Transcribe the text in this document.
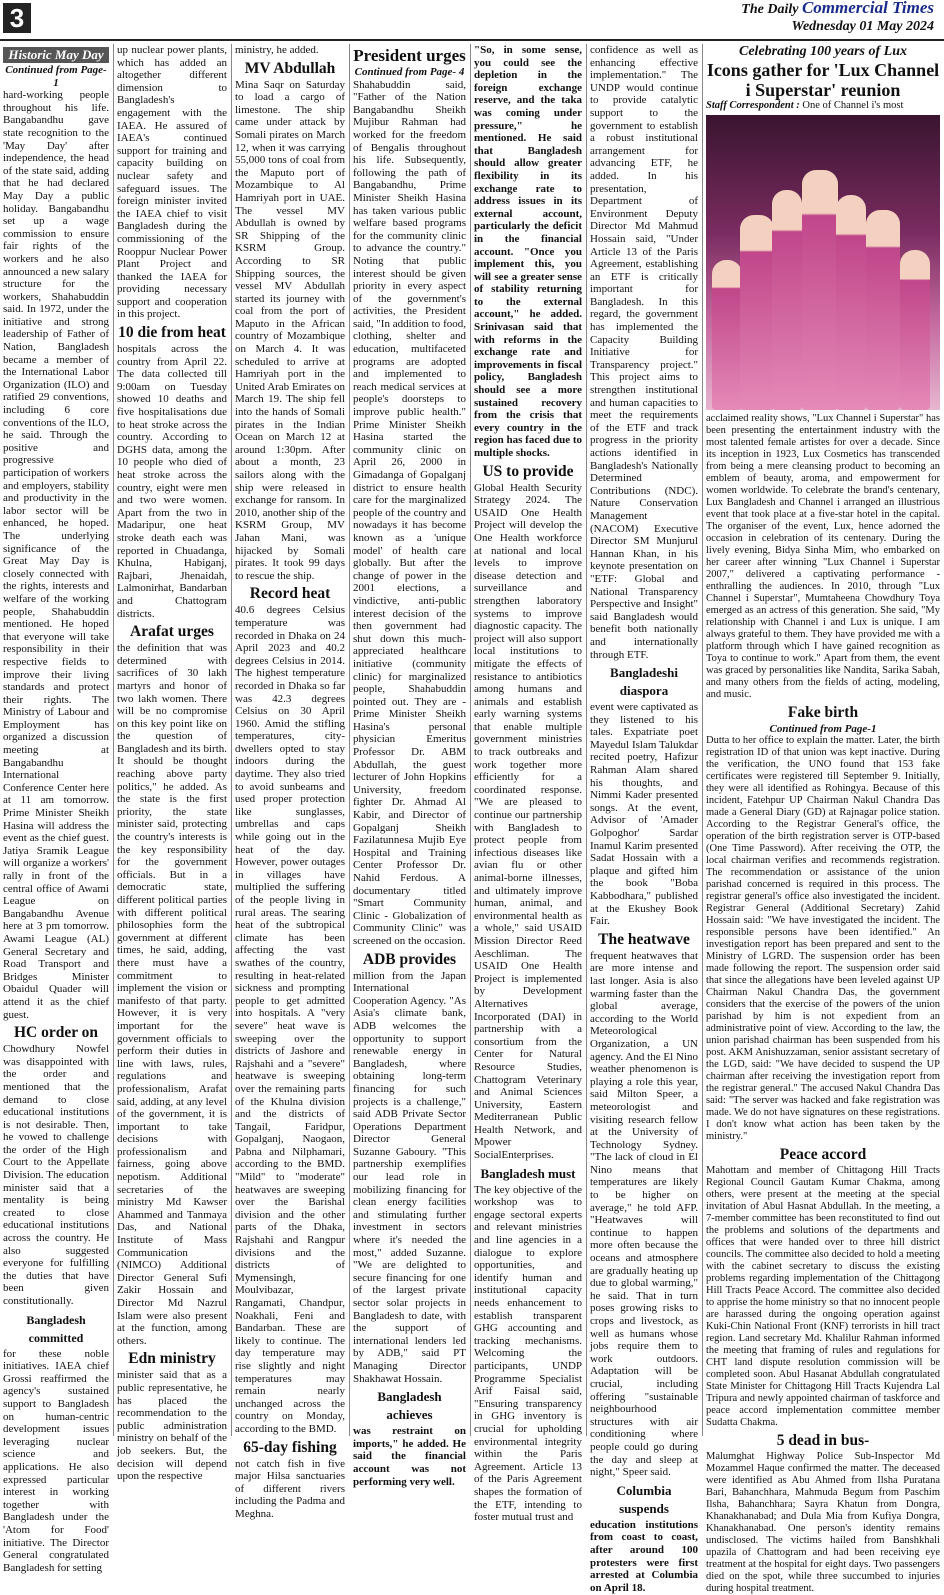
3	The Daily Commercial Times
Wednesday 01 May 2024
Historic May Day
Continued from Page-1

hard-working people throughout his life. Bangabandhu gave state recognition to the 'May Day' after independence, the head of the state said, adding that he had declared May Day a public holiday. Bangabandhu set up a wage commission to ensure fair rights of the workers and he also announced a new salary structure for the workers, Shahabuddin said. In 1972, under the initiative and strong leadership of Father of Nation, Bangladesh became a member of the International Labor Organization (ILO) and ratified 29 conventions, including 6 core conventions of the ILO, he said. Through the positive and progressive participation of workers and employers, stability and productivity in the labor sector will be enhanced, he hoped. The underlying significance of the Great May Day is closely connected with the rights, interests and welfare of the working people, Shahabuddin mentioned. He hoped that everyone will take responsibility in their respective fields to improve their living standards and protect their rights. The Ministry of Labour and Employment has organized a discussion meeting at Bangabandhu International Conference Center here at 11 am tomorrow. Prime Minister Sheikh Hasina will address the event as the chief guest. Jatiya Sramik League will organize a workers' rally in front of the central office of Awami League on Bangabandhu Avenue here at 3 pm tomorrow. Awami League (AL) General Secretary and Road Transport and Bridges Minister Obaidul Quader will attend it as the chief guest.

HC order on

Chowdhury Nowfel was disappointed with the order and mentioned that the demand to close educational institutions is not desirable. Then, he vowed to challenge the order of the High Court to the Appellate Division. The education minister said that a mentality is being created to close educational institutions across the country. He also suggested everyone for fulfilling the duties that have been given constitutionally.

Bangladesh committed

for these noble initiatives. IAEA chief Grossi reaffirmed the agency's sustained support to Bangladesh on human-centric development issues leveraging nuclear science and applications. He also expressed particular interest in working together with Bangladesh under the 'Atom for Food' initiative. The Director General congratulated Bangladesh for setting

up nuclear power plants, which has added an altogether different dimension to Bangladesh's engagement with the IAEA. He assured of IAEA's continued support for training and capacity building on nuclear safety and safeguard issues. The foreign minister invited the IAEA chief to visit Bangladesh during the commissioning of the Rooppur Nuclear Power Plant Project and thanked the IAEA for providing necessary support and cooperation in this project.

10 die from heat

hospitals across the country from April 22. The data collected till 9:00am on Tuesday showed 10 deaths and five hospitalisations due to heat stroke across the country. According to DGHS data, among the 10 people who died of heat stroke across the country, eight were men and two were women. Apart from the two in Madaripur, one heat stroke death each was reported in Chuadanga, Khulna, Habiganj, Rajbari, Jhenaidah, Lalmonirhat, Bandarban and Chattogram districts.

Arafat urges

the definition that was determined with sacrifices of 30 lakh martyrs and honor of two lakh women. There will be no compromise on this key point like on the question of Bangladesh and its birth. It should be thought reaching above party politics," he added. As the state is the first priority, the state minister said, protecting the country's interests is the key responsibility for the government officials. But in a democratic state, different political parties with different political philosophies form the government at different times, he said, adding, there must have a commitment to implement the vision or manifesto of that party. However, it is very important for the government officials to perform their duties in line with laws, rules, regulations and professionalism, Arafat said, adding, at any level of the government, it is important to take decisions with professionalism and fairness, going above nepotism. Additional secretaries of the ministry Md Kawser Ahammed and Tanmaya Das, and National Institute of Mass Communication (NIMCO) Additional Director General Sufi Zakir Hossain and Director Md Nazrul Islam were also present at the function, among others.

Edn ministry

minister said that as a public representative, he has placed the recommendation to the public administration ministry on behalf of the job seekers. But, the decision will depend upon the respective

ministry, he added.

MV Abdullah

Mina Saqr on Saturday to load a cargo of limestone. The ship came under attack by Somali pirates on March 12, when it was carrying 55,000 tons of coal from the Maputo port of Mozambique to Al Hamriyah port in UAE. The vessel MV Abdullah is owned by SR Shipping of the KSRM Group. According to SR Shipping sources, the vessel MV Abdullah started its journey with coal from the port of Maputo in the African country of Mozambique on March 4. It was scheduled to arrive at Hamriyah port in the United Arab Emirates on March 19. The ship fell into the hands of Somali pirates in the Indian Ocean on March 12 at around 1:30pm. After about a month, 23 sailors along with the ship were released in exchange for ransom. In 2010, another ship of the KSRM Group, MV Jahan Mani, was hijacked by Somali pirates. It took 99 days to rescue the ship.

Record heat

40.6 degrees Celsius temperature was recorded in Dhaka on 24 April 2023 and 40.2 degrees Celsius in 2014. The highest temperature recorded in Dhaka so far was 42.3 degrees Celsius on 30 April 1960. Amid the stifling temperatures, city-dwellers opted to stay indoors during the daytime. They also tried to avoid sunbeams and used proper protection like sunglasses, umbrellas and caps while going out in the heat of the day. However, power outages in villages have multiplied the suffering of the people living in rural areas. The searing heat of the subtropical climate has been affecting the vast swathes of the country, resulting in heat-related sickness and prompting people to get admitted into hospitals. A "very severe" heat wave is sweeping over the districts of Jashore and Rajshahi and a "severe" heatwave is sweeping over the remaining parts of the Khulna division and the districts of Tangail, Faridpur, Gopalganj, Naogaon, Pabna and Nilphamari, according to the BMD. "Mild" to "moderate" heatwaves are sweeping over the Barishal division and the other parts of the Dhaka, Rajshahi and Rangpur divisions and the districts of Mymensingh, Moulvibazar, Rangamati, Chandpur, Noakhali, Feni and Bandarban. These are likely to continue. The day temperature may rise slightly and night temperatures may remain nearly unchanged across the country on Monday, according to the BMD.

65-day fishing

not catch fish in five major Hilsa sanctuaries of different rivers including the Padma and Meghna.

President urges
Continued from Page- 4

Shahabuddin said, "Father of the Nation Bangabandhu Sheikh Mujibur Rahman had worked for the freedom of Bengalis throughout his life. Subsequently, following the path of Bangabandhu, Prime Minister Sheikh Hasina has taken various public welfare based programs for the community clinic to advance the country." Noting that public interest should be given priority in every aspect of the government's activities, the President said, "In addition to food, clothing, shelter and education, multifaceted programs are adopted and implemented to reach medical services at people's doorsteps to improve public health." Prime Minister Sheikh Hasina started the community clinic on April 26, 2000 in Gimadanga of Gopalganj district to ensure health care for the marginalized people of the country and nowadays it has become known as a 'unique model' of health care globally. But after the change of power in the 2001 elections, a vindictive, anti-public interest decision of the then government had shut down this much-appreciated healthcare initiative (community clinic) for marginalized people, Shahabuddin pointed out. They are - Prime Minister Sheikh Hasina's personal physician Emeritus Professor Dr. ABM Abdullah, the guest lecturer of John Hopkins University, freedom fighter Dr. Ahmad Al Kabir, and Director of Gopalganj Sheikh Fazilatunnesa Mujib Eye Hospital and Training Center Professor Dr. Nahid Ferdous. A documentary titled "Smart Community Clinic - Globalization of Community Clinic" was screened on the occasion.

ADB provides

million from the Japan International Cooperation Agency. "As Asia's climate bank, ADB welcomes the opportunity to support renewable energy in Bangladesh, where obtaining long-term financing for such projects is a challenge," said ADB Private Sector Operations Department Director General Suzanne Gaboury. "This partnership exemplifies our lead role in mobilizing financing for clean energy facilities and stimulating further investment in sectors where it's needed the most," added Suzanne. "We are delighted to secure financing for one of the largest private sector solar projects in Bangladesh to date, with the support of international lenders led by ADB," said PT Managing Director Shakhawat Hossain.

Bangladesh achieves

was restraint on imports," he added. He said the financial account was not performing very well.

"So, in some sense, you could see the depletion in the foreign exchange reserve, and the taka was coming under pressure," he mentioned. He said that Bangladesh should allow greater flexibility in its exchange rate to address issues in its external account, particularly the deficit in the financial account. "Once you implement this, you will see a greater sense of stability returning to the external account," he added. Srinivasan said that with reforms in the exchange rate and improvements in fiscal policy, Bangladesh should see a more sustained recovery from the crisis that every country in the region has faced due to multiple shocks.

US to provide

Global Health Security Strategy 2024. The USAID One Health Project will develop the One Health workforce at national and local levels to improve disease detection and surveillance and strengthen laboratory systems to improve diagnostic capacity. The project will also support local institutions to mitigate the effects of resistance to antibiotics among humans and animals and establish early warning systems that enable multiple government ministries to track outbreaks and work together more efficiently for a coordinated response. "We are pleased to continue our partnership with Bangladesh to protect people from infectious diseases like avian flu or other animal-borne illnesses, and ultimately improve human, animal, and environmental health as a whole," said USAID Mission Director Reed Aeschliman. The USAID One Health Project is implemented by Development Alternatives Incorporated (DAI) in partnership with a consortium from the Center for Natural Resource Studies, Chattogram Veterinary and Animal Sciences University, Eastern Mediterranean Public Health Network, and Mpower SocialEnterprises.

Bangladesh must

The key objective of the workshop was to engage sectoral experts and relevant ministries and line agencies in a dialogue to explore opportunities, and identify human and institutional capacity needs enhancement to establish transparent GHG accounting and tracking mechanisms. Welcoming the participants, UNDP Programme Specialist Arif Faisal said, "Ensuring transparency in GHG inventory is crucial for upholding environmental integrity within the Paris Agreement. Article 13 of the Paris Agreement shapes the formation of the ETF, intending to foster mutual trust and

confidence as well as enhancing effective implementation." The UNDP would continue to provide catalytic support to the government to establish a robust institutional arrangement for advancing ETF, he added. In his presentation, Department of Environment Deputy Director Md Mahmud Hossain said, "Under Article 13 of the Paris Agreement, establishing an ETF is critically important for Bangladesh. In this regard, the government has implemented the Capacity Building Initiative for Transparency project." This project aims to strengthen institutional and human capacities to meet the requirements of the ETF and track progress in the priority actions identified in Bangladesh's Nationally Determined Contributions (NDC). Nature Conservation Management (NACOM) Executive Director SM Munjurul Hannan Khan, in his keynote presentation on "ETF: Global and National Transparency Perspective and Insight" said Bangladesh would benefit both nationally and internationally through ETF.

Bangladeshi diaspora

event were captivated as they listened to his tales. Expatriate poet Mayedul Islam Talukdar recited poetry, Hafizur Rahman Alam shared his thoughts, and Nimmi Kader presented songs. At the event, Advisor of 'Amader Golpoghor' Sardar Inamul Karim presented Sadat Hossain with a plaque and gifted him the book "Boba Kabbodhara," published at the Ekushey Book Fair.

The heatwave

frequent heatwaves that are more intense and last longer. Asia is also warming faster than the global average, according to the World Meteorological Organization, a UN agency. And the El Nino weather phenomenon is playing a role this year, said Milton Speer, a meteorologist and visiting research fellow at the University of Technology Sydney. "The lack of cloud in El Nino means that temperatures are likely to be higher on average," he told AFP. "Heatwaves will continue to happen more often because the oceans and atmosphere are gradually heating up due to global warming," he said. That in turn poses growing risks to crops and livestock, as well as humans whose jobs require them to work outdoors. Adaptation will be crucial, including offering "sustainable neighbourhood structures with air conditioning where people could go during the day and sleep at night," Speer said.

Columbia suspends

education institutions from coast to coast, after around 100 protesters were first arrested at Columbia on April 18.

Celebrating 100 years of Lux
Icons gather for 'Lux Channel i Superstar' reunion

Staff Correspondent : One of Channel i's most

acclaimed reality shows, "Lux Channel i Superstar" has been presenting the entertainment industry with the most talented female artistes for over a decade. Since its inception in 1923, Lux Cosmetics has transcended from being a mere cleansing product to becoming an emblem of beauty, aroma, and empowerment for women worldwide. To celebrate the brand's centenary, Lux Bangladesh and Channel i arranged an illustrious event that took place at a five-star hotel in the capital. The organiser of the event, Lux, hence adorned the occasion in celebration of its centenary. During the lively evening, Bidya Sinha Mim, who embarked on her career after winning "Lux Channel i Superstar 2007," delivered a captivating performance - enthralling the audiences. In 2010, through "Lux Channel i Superstar", Mumtaheena Chowdhury Toya emerged as an actress of this generation. She said, "My relationship with Channel i and Lux is unique. I am always grateful to them. They have provided me with a platform through which I have gained recognition as Toya to continue to work." Apart from them, the event was graced by personalities like Nandita, Sarika Sabah, and many others from the fields of acting, modeling, and music.

Fake birth
Continued from Page-1

Dutta to her office to explain the matter. Later, the birth registration ID of that union was kept inactive. During the verification, the UNO found that 153 fake certificates were registered till September 9. Initially, they were all identified as Rohingya. Because of this incident, Fatehpur UP Chairman Nakul Chandra Das made a General Diary (GD) at Rajnagar police station. According to the Registrar General's office, the operation of the birth registration server is OTP-based (One Time Password). After receiving the OTP, the local chairman verifies and recommends registration. The recommendation or assistance of the union parishad concerned is required in this process. The registrar general's office also investigated the incident. Registrar General (Additional Secretary) Zahid Hossain said: "We have investigated the incident. The responsible persons have been identified." An investigation report has been prepared and sent to the Ministry of LGRD. The suspension order has been made following the report. The suspension order said that since the allegations have been leveled against UP Chairman Nakul Chandra Das, the government considers that the exercise of the powers of the union parishad by him is not expedient from an administrative point of view. According to the law, the union parishad chairman has been suspended from his post. AKM Anishuzzaman, senior assistant secretary of the LGD, said: "We have decided to suspend the UP chairman after receiving the investigation report from the registrar general." The accused Nakul Chandra Das said: "The server was hacked and fake registration was made. We do not have signatures on these registrations. I don't know what action has been taken by the ministry."

Peace accord

Mahottam and member of Chittagong Hill Tracts Regional Council Gautam Kumar Chakma, among others, were present at the meeting at the special invitation of Abul Hasnat Abdullah. In the meeting, a 7-member committee has been reconstituted to find out the problems and solutions of the departments and offices that were handed over to three hill district councils. The committee also decided to hold a meeting with the cabinet secretary to discuss the existing problems regarding implementation of the Chittagong Hill Tracts Peace Accord. The committee also decided to apprise the home ministry so that no innocent people are harassed during the ongoing operation against Kuki-Chin National Front (KNF) terrorists in hill tract region. Land secretary Md. Khalilur Rahman informed the meeting that framing of rules and regulations for CHT land dispute resolution commission will be completed soon. Abul Hasanat Abdullah congratulated State Minister for Chittagong Hill Tracts Kujendra Lal Tripura and newly appointed chairman of taskforce and peace accord implementation committee member Sudatta Chakma.

5 dead in bus-

Malumghat Highway Police Sub-Inspector Md Mozammel Haque confirmed the matter. The deceased were identified as Abu Ahmed from Ilsha Puratana Bari, Bahanchhara, Mahmuda Begum from Paschim Ilsha, Bahanchhara; Sayra Khatun from Dongra, Khanakhanabad; and Dula Mia from Kufiya Dongra, Khanakhanabad. One person's identity remains undisclosed. The victims hailed from Banshkhali upazila of Chattogram and had been receiving eye treatment at the hospital for eight days. Two passengers died on the spot, while three succumbed to injuries during hospital treatment.
